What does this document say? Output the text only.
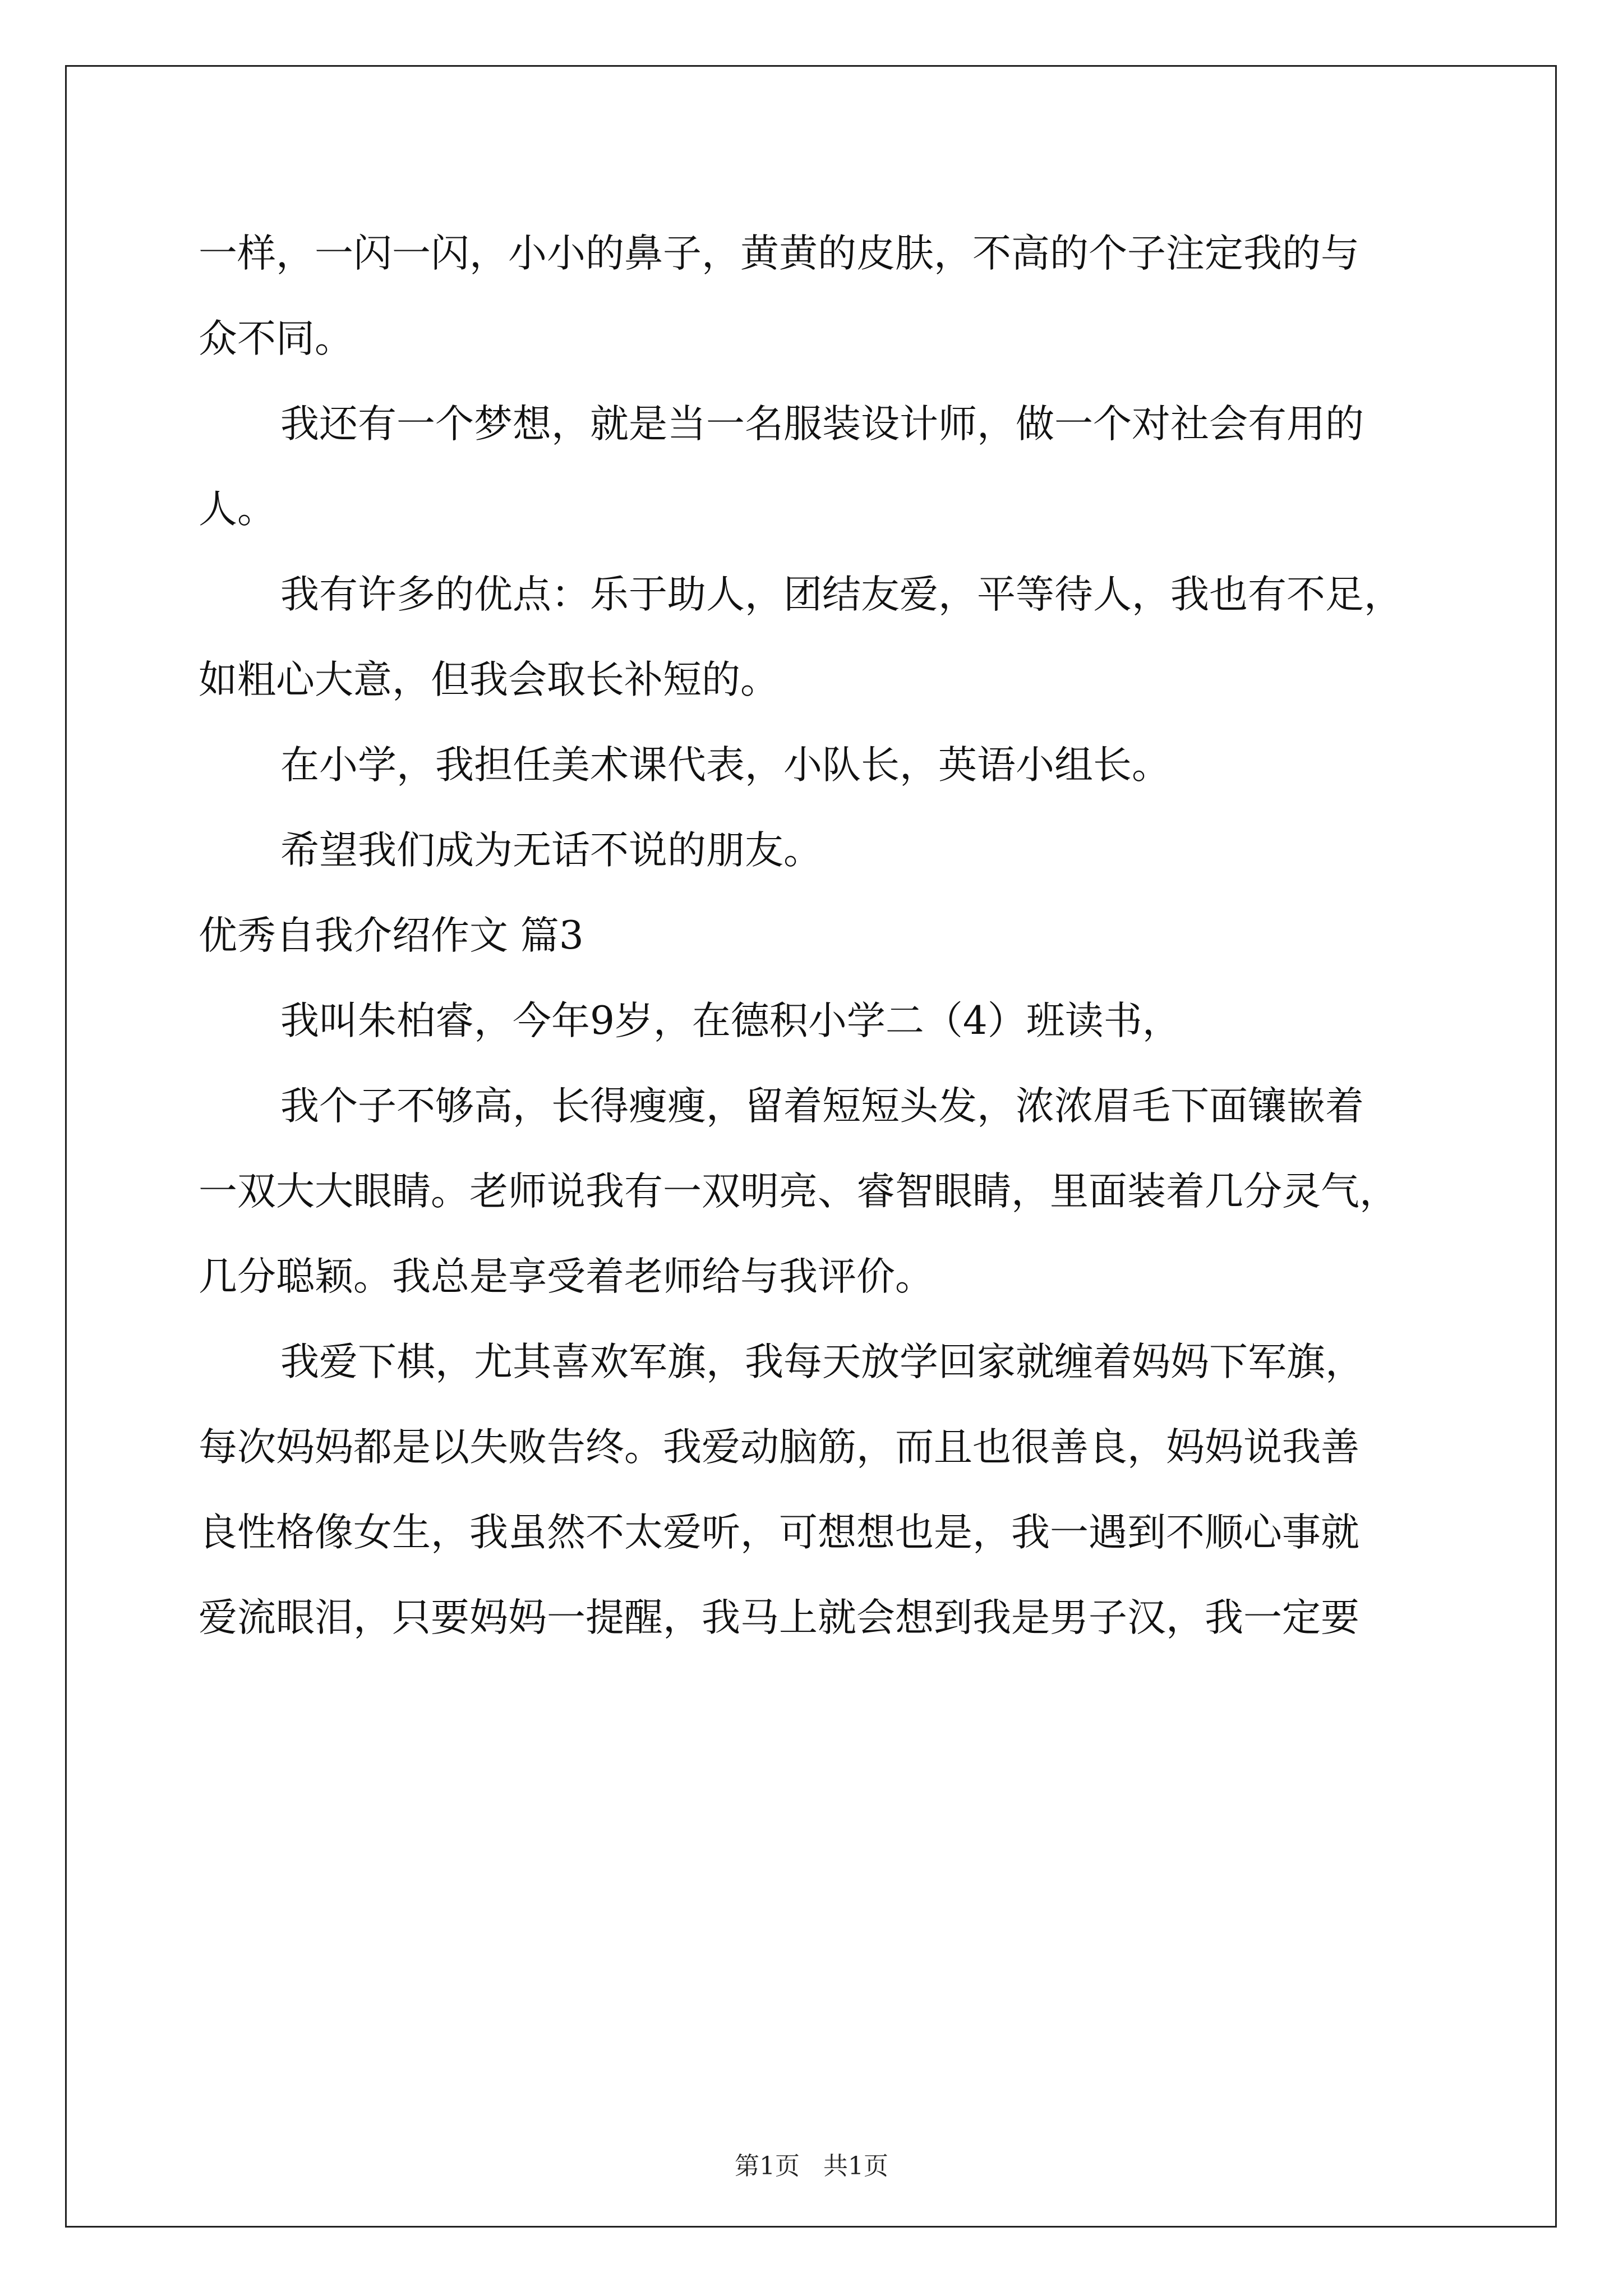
一样，一闪一闪，小小的鼻子，黄黄的皮肤，不高的个子注定我的与
众不同。
我还有一个梦想，就是当一名服装设计师，做一个对社会有用的
人。
我有许多的优点：乐于助人，团结友爱，平等待人，我也有不足，
如粗心大意，但我会取长补短的。
在小学，我担任美术课代表，小队长，英语小组长。
希望我们成为无话不说的朋友。
优秀自我介绍作文 篇3
我叫朱柏睿，今年9岁，在德积小学二（4）班读书，
我个子不够高，长得瘦瘦，留着短短头发，浓浓眉毛下面镶嵌着
一双大大眼睛。老师说我有一双明亮、睿智眼睛，里面装着几分灵气，
几分聪颖。我总是享受着老师给与我评价。
我爱下棋，尤其喜欢军旗，我每天放学回家就缠着妈妈下军旗，
每次妈妈都是以失败告终。我爱动脑筋，而且也很善良，妈妈说我善
良性格像女生，我虽然不太爱听，可想想也是，我一遇到不顺心事就
爱流眼泪，只要妈妈一提醒，我马上就会想到我是男子汉，我一定要
第1页   共1页
